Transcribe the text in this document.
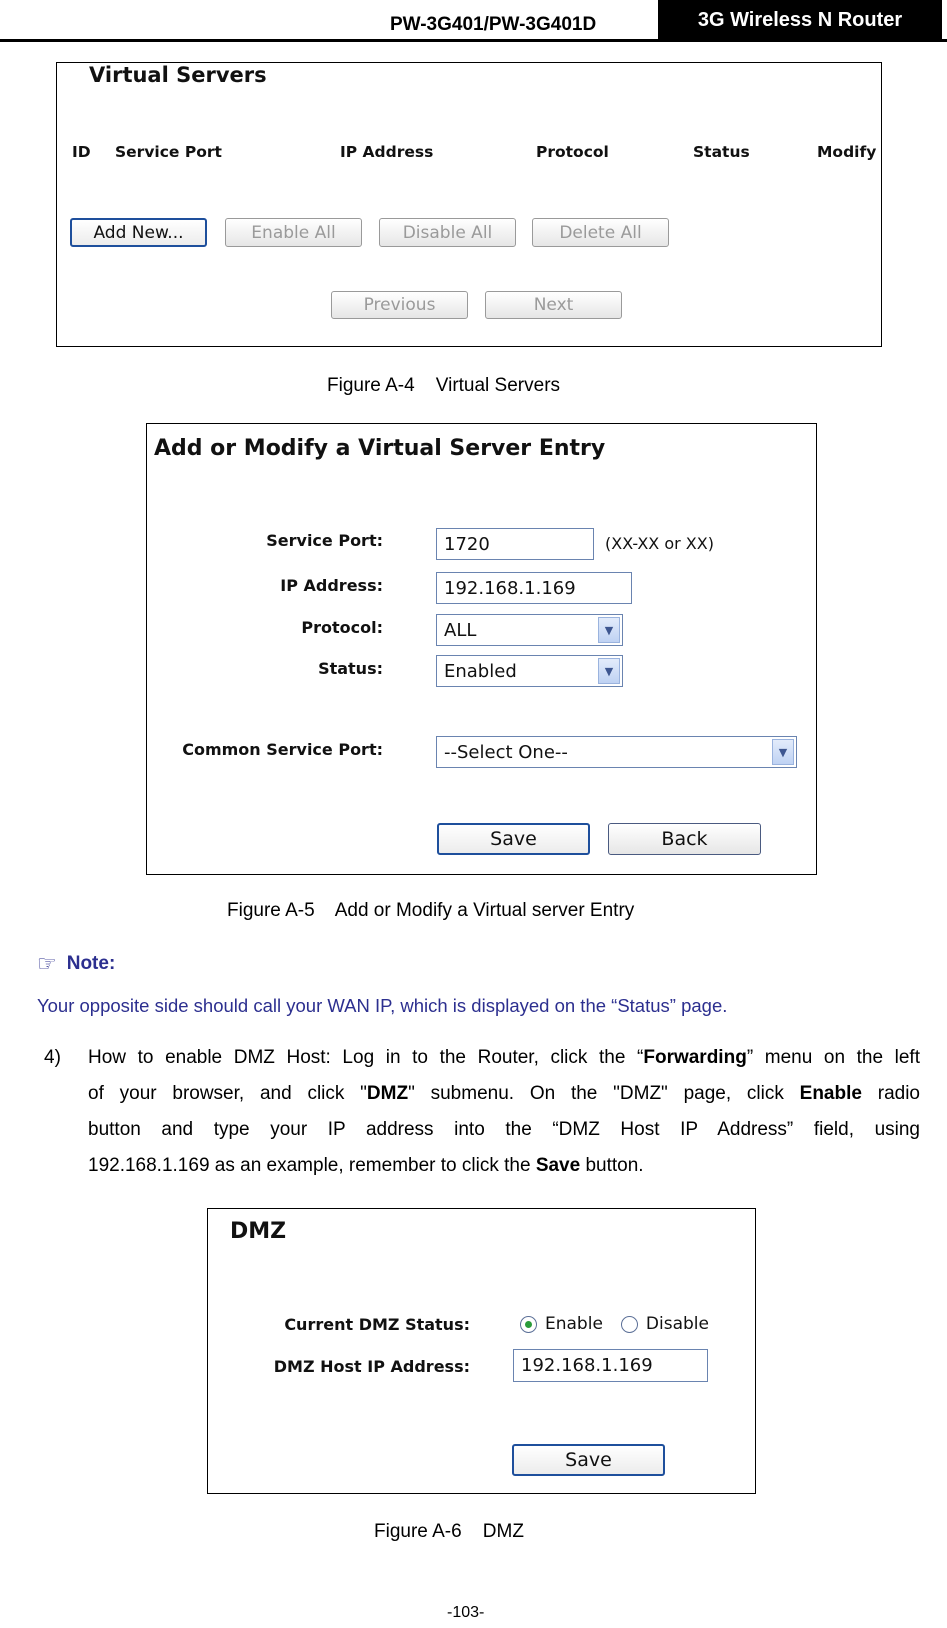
PW-3G401/PW-3G401D	3G Wireless N Router
Virtual Servers
ID Service Port	IP Address	Protocol	Status	Modify
Add New...	Enable All	Disable All	Delete All
Previous	Next
Figure A-4    Virtual Servers
Add or Modify a Virtual Server Entry
Service Port:	1720	(XX-XX or XX)
IP Address:	192.168.1.169
Protocol:	ALL	▼
Status:	Enabled	▼
Common Service Port:	--Select One--	▼
Save	Back
Figure A-5    Add or Modify a Virtual server Entry
☞ Note:
Your opposite side should call your WAN IP, which is displayed on the “Status” page.
4) How to enable DMZ Host: Log in to the Router, click the “Forwarding” menu on the left
of your browser, and click "DMZ" submenu. On the "DMZ" page, click Enable radio
button and type your IP address into the “DMZ Host IP Address” field, using
192.168.1.169 as an example, remember to click the Save button.
DMZ
Current DMZ Status:	Enable	Disable
DMZ Host IP Address:	192.168.1.169
Save
Figure A-6    DMZ
-103-
